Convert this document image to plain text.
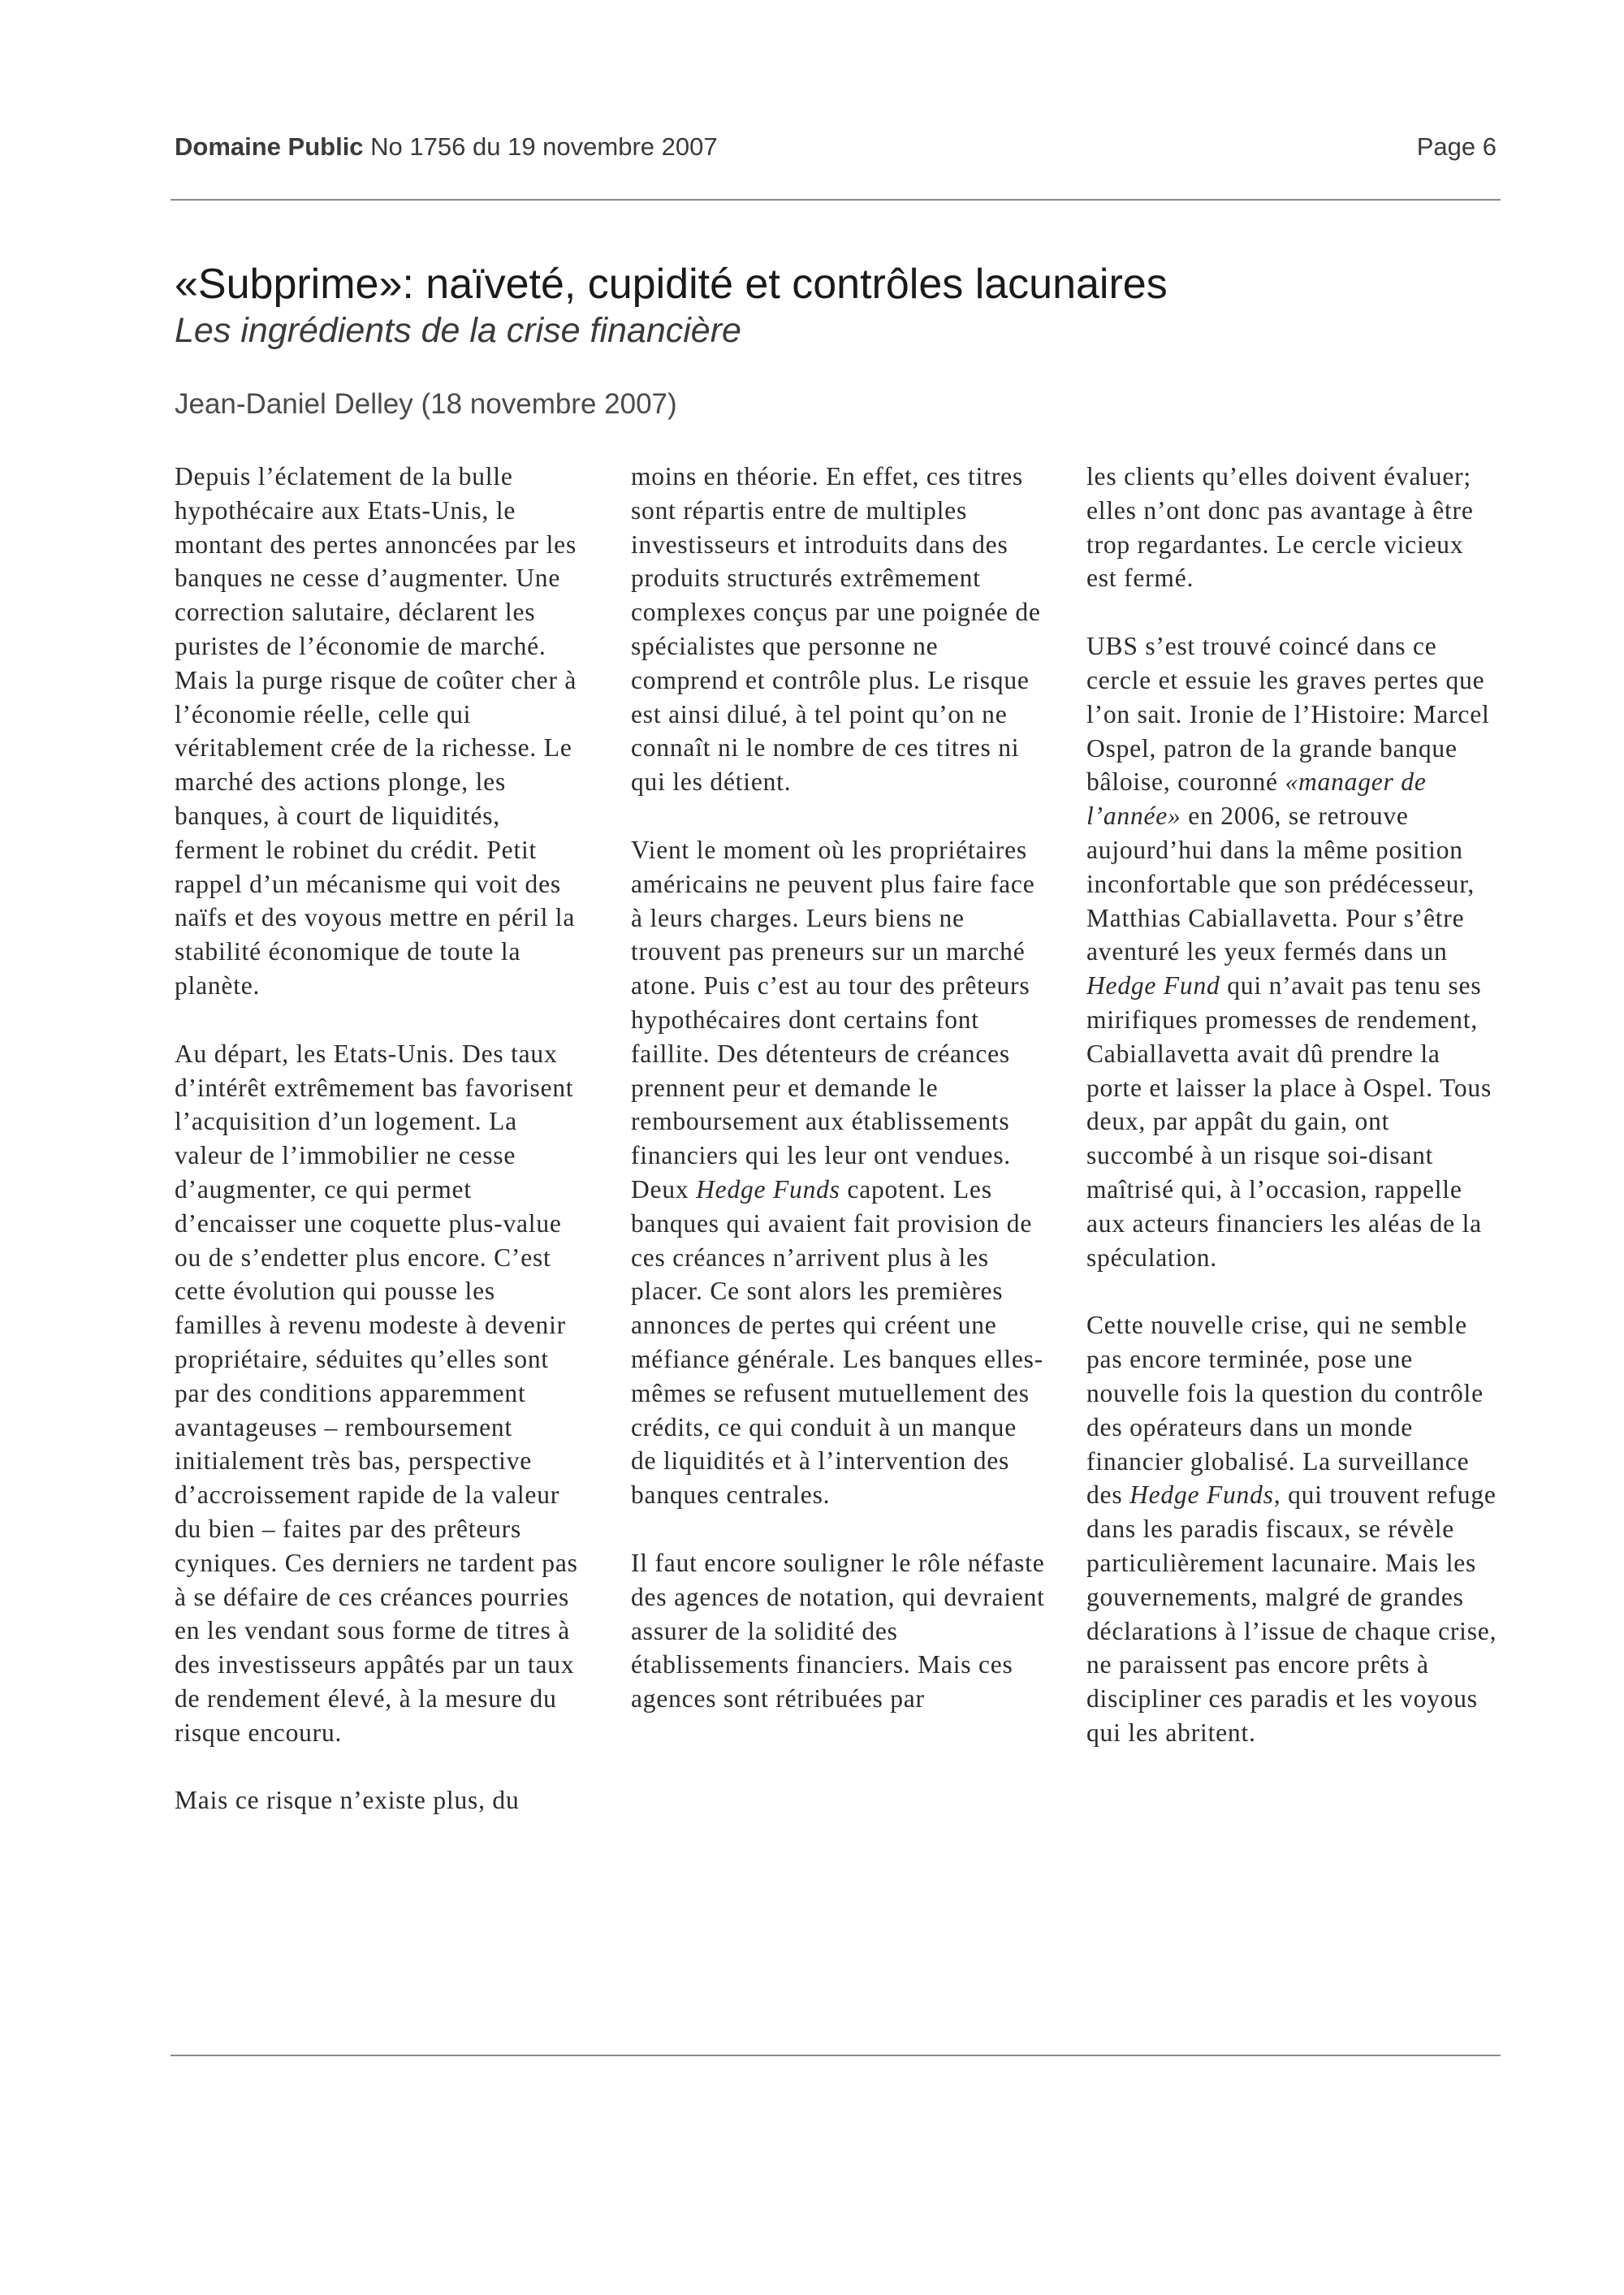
Domaine Public No 1756 du 19 novembre 2007	Page 6
«Subprime»: naïveté, cupidité et contrôles lacunaires
Les ingrédients de la crise financière
Jean-Daniel Delley (18 novembre 2007)

Depuis l’éclatement de la bulle hypothécaire aux Etats-Unis, le montant des pertes annoncées par les banques ne cesse d’augmenter. Une correction salutaire, déclarent les puristes de l’économie de marché. Mais la purge risque de coûter cher à l’économie réelle, celle qui véritablement crée de la richesse. Le marché des actions plonge, les banques, à court de liquidités, ferment le robinet du crédit. Petit rappel d’un mécanisme qui voit des naïfs et des voyous mettre en péril la stabilité économique de toute la planète.

Au départ, les Etats-Unis. Des taux d’intérêt extrêmement bas favorisent l’acquisition d’un logement. La valeur de l’immobilier ne cesse d’augmenter, ce qui permet d’encaisser une coquette plus-value ou de s’endetter plus encore. C’est cette évolution qui pousse les familles à revenu modeste à devenir propriétaire, séduites qu’elles sont par des conditions apparemment avantageuses – remboursement initialement très bas, perspective d’accroissement rapide de la valeur du bien – faites par des prêteurs cyniques. Ces derniers ne tardent pas à se défaire de ces créances pourries en les vendant sous forme de titres à des investisseurs appâtés par un taux de rendement élevé, à la mesure du risque encouru.

Mais ce risque n’existe plus, du

moins en théorie. En effet, ces titres sont répartis entre de multiples investisseurs et introduits dans des produits structurés extrêmement complexes conçus par une poignée de spécialistes que personne ne comprend et contrôle plus. Le risque est ainsi dilué, à tel point qu’on ne connaît ni le nombre de ces titres ni qui les détient.

Vient le moment où les propriétaires américains ne peuvent plus faire face à leurs charges. Leurs biens ne trouvent pas preneurs sur un marché atone. Puis c’est au tour des prêteurs hypothécaires dont certains font faillite. Des détenteurs de créances prennent peur et demande le remboursement aux établissements financiers qui les leur ont vendues. Deux Hedge Funds capotent. Les banques qui avaient fait provision de ces créances n’arrivent plus à les placer. Ce sont alors les premières annonces de pertes qui créent une méfiance générale. Les banques elles-mêmes se refusent mutuellement des crédits, ce qui conduit à un manque de liquidités et à l’intervention des banques centrales.

Il faut encore souligner le rôle néfaste des agences de notation, qui devraient assurer de la solidité des établissements financiers. Mais ces agences sont rétribuées par

les clients qu’elles doivent évaluer; elles n’ont donc pas avantage à être trop regardantes. Le cercle vicieux est fermé.

UBS s’est trouvé coincé dans ce cercle et essuie les graves pertes que l’on sait. Ironie de l’Histoire: Marcel Ospel, patron de la grande banque bâloise, couronné «manager de l’année» en 2006, se retrouve aujourd’hui dans la même position inconfortable que son prédécesseur, Matthias Cabiallavetta. Pour s’être aventuré les yeux fermés dans un Hedge Fund qui n’avait pas tenu ses mirifiques promesses de rendement, Cabiallavetta avait dû prendre la porte et laisser la place à Ospel. Tous deux, par appât du gain, ont succombé à un risque soi-disant maîtrisé qui, à l’occasion, rappelle aux acteurs financiers les aléas de la spéculation.

Cette nouvelle crise, qui ne semble pas encore terminée, pose une nouvelle fois la question du contrôle des opérateurs dans un monde financier globalisé. La surveillance des Hedge Funds, qui trouvent refuge dans les paradis fiscaux, se révèle particulièrement lacunaire. Mais les gouvernements, malgré de grandes déclarations à l’issue de chaque crise, ne paraissent pas encore prêts à discipliner ces paradis et les voyous qui les abritent.
